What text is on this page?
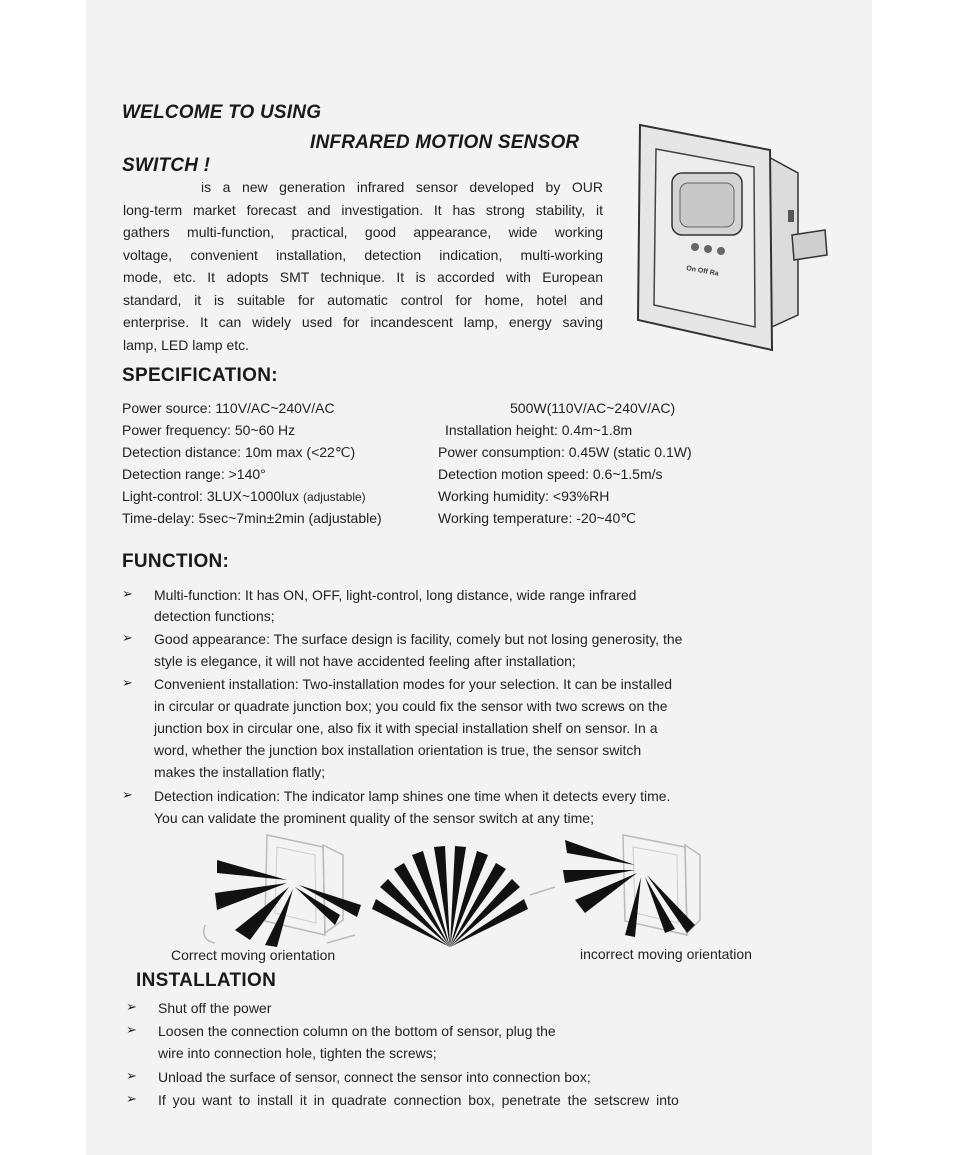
WELCOME TO USING
INFRARED MOTION SENSOR
SWITCH !
is a new generation infrared sensor developed by OUR
long-term market forecast and investigation. It has strong stability, it
gathers multi-function, practical, good appearance, wide working
voltage, convenient installation, detection indication, multi-working
mode, etc. It adopts SMT technique. It is accorded with European
standard, it is suitable for automatic control for home, hotel and
enterprise. It can widely used for incandescent lamp, energy saving
lamp, LED lamp etc.
On Off Ra
SPECIFICATION:
Power source: 110V/AC~240V/AC
Power frequency: 50~60 Hz
Detection distance: 10m max (<22℃)
Detection range: >140°
Light-control: 3LUX~1000lux (adjustable)
Time-delay: 5sec~7min±2min (adjustable)
500W(110V/AC~240V/AC)
Installation height: 0.4m~1.8m
Power consumption: 0.45W (static 0.1W)
Detection motion speed: 0.6~1.5m/s
Working humidity: <93%RH
Working temperature: -20~40℃
FUNCTION:
➢ Multi-function: It has ON, OFF, light-control, long distance, wide range infrared
detection functions;
➢ Good appearance: The surface design is facility, comely but not losing generosity, the
style is elegance, it will not have accidented feeling after installation;
➢ Convenient installation: Two-installation modes for your selection. It can be installed
in circular or quadrate junction box; you could fix the sensor with two screws on the
junction box in circular one, also fix it with special installation shelf on sensor. In a
word, whether the junction box installation orientation is true, the sensor switch
makes the installation flatly;
➢ Detection indication: The indicator lamp shines one time when it detects every time.
You can validate the prominent quality of the sensor switch at any time;
Correct moving orientation	incorrect moving orientation
INSTALLATION
➢ Shut off the power
➢ Loosen the connection column on the bottom of sensor, plug the
wire into connection hole, tighten the screws;
➢ Unload the surface of sensor, connect the sensor into connection box;
➢ If you want to install it in quadrate connection box, penetrate the setscrew into
